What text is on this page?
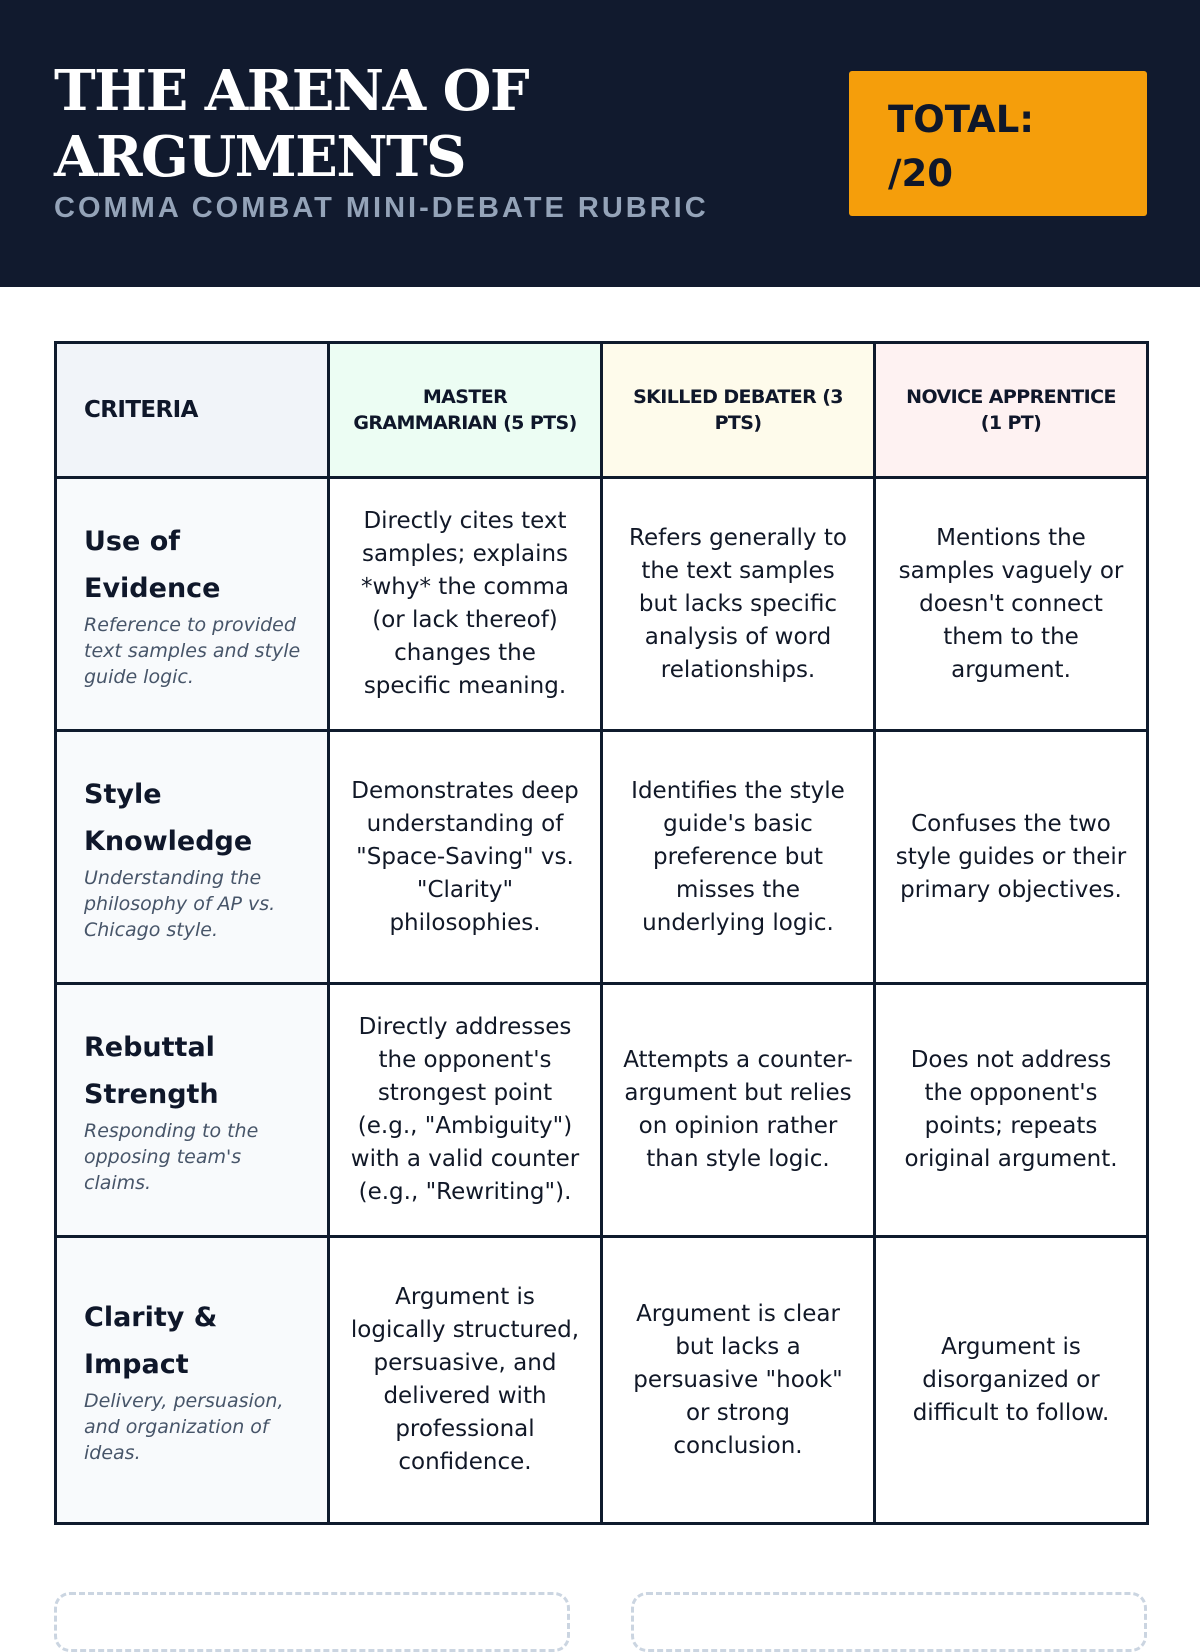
THE ARENA OF ARGUMENTS
COMMA COMBAT MINI-DEBATE RUBRIC
TOTAL:
/20
CRITERIA	MASTER GRAMMARIAN (5 PTS)	SKILLED DEBATER (3 PTS)	NOVICE APPRENTICE (1 PT)

Use of Evidence
Reference to provided text samples and style guide logic.	Directly cites text samples; explains *why* the comma (or lack thereof) changes the specific meaning.	Refers generally to the text samples but lacks specific analysis of word relationships.	Mentions the samples vaguely or doesn't connect them to the argument.

Style Knowledge
Understanding the philosophy of AP vs. Chicago style.	Demonstrates deep understanding of "Space-Saving" vs. "Clarity" philosophies.	Identifies the style guide's basic preference but misses the underlying logic.	Confuses the two style guides or their primary objectives.

Rebuttal Strength
Responding to the opposing team's claims.	Directly addresses the opponent's strongest point (e.g., "Ambiguity") with a valid counter (e.g., "Rewriting").	Attempts a counter-argument but relies on opinion rather than style logic.	Does not address the opponent's points; repeats original argument.

Clarity & Impact
Delivery, persuasion, and organization of ideas.	Argument is logically structured, persuasive, and delivered with professional confidence.	Argument is clear but lacks a persuasive "hook" or strong conclusion.	Argument is disorganized or difficult to follow.
